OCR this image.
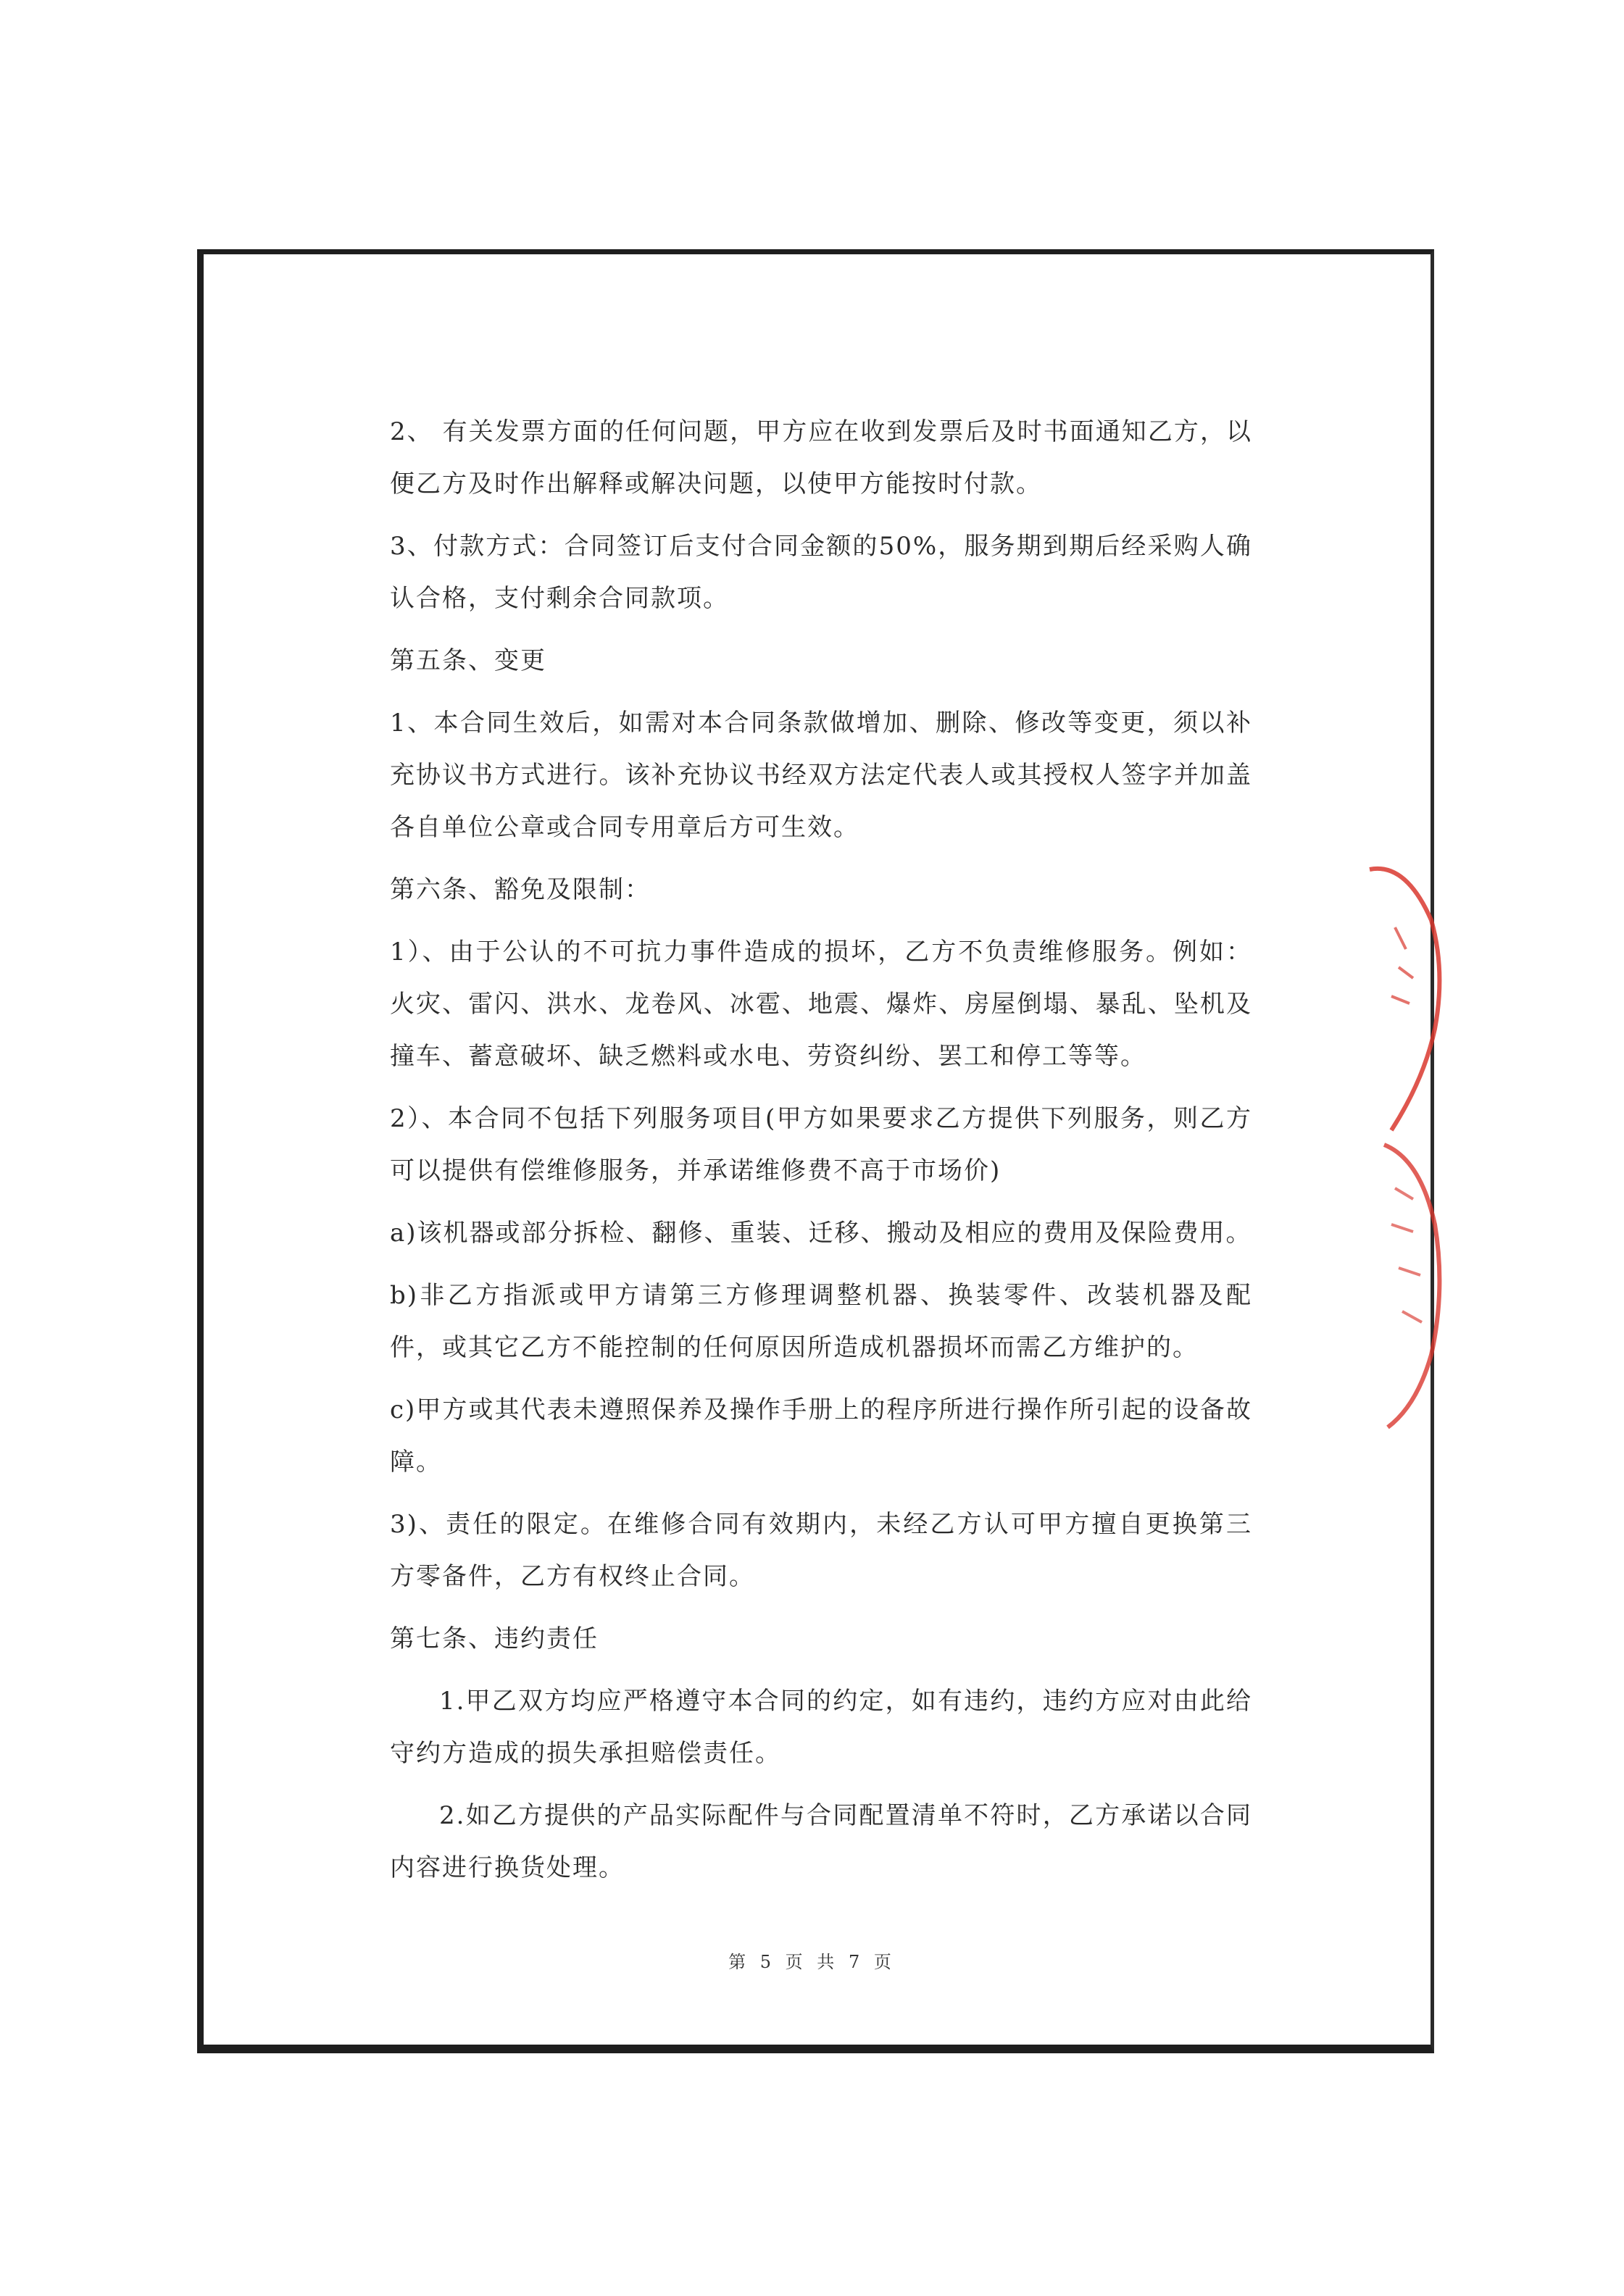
2、 有关发票方面的任何问题，甲方应在收到发票后及时书面通知乙方，以便乙方及时作出解释或解决问题，以使甲方能按时付款。

3、付款方式：合同签订后支付合同金额的50%，服务期到期后经采购人确认合格，支付剩余合同款项。

第五条、变更

1、本合同生效后，如需对本合同条款做增加、删除、修改等变更，须以补充协议书方式进行。该补充协议书经双方法定代表人或其授权人签字并加盖各自单位公章或合同专用章后方可生效。

第六条、豁免及限制：

1）、由于公认的不可抗力事件造成的损坏，乙方不负责维修服务。例如：火灾、雷闪、洪水、龙卷风、冰雹、地震、爆炸、房屋倒塌、暴乱、坠机及撞车、蓄意破坏、缺乏燃料或水电、劳资纠纷、罢工和停工等等。

2）、本合同不包括下列服务项目(甲方如果要求乙方提供下列服务，则乙方可以提供有偿维修服务，并承诺维修费不高于市场价)

a)该机器或部分拆检、翻修、重装、迁移、搬动及相应的费用及保险费用。

b)非乙方指派或甲方请第三方修理调整机器、换装零件、改装机器及配件，或其它乙方不能控制的任何原因所造成机器损坏而需乙方维护的。

c)甲方或其代表未遵照保养及操作手册上的程序所进行操作所引起的设备故障。

3)、责任的限定。在维修合同有效期内，未经乙方认可甲方擅自更换第三方零备件，乙方有权终止合同。

第七条、违约责任

1.甲乙双方均应严格遵守本合同的约定，如有违约，违约方应对由此给守约方造成的损失承担赔偿责任。

2.如乙方提供的产品实际配件与合同配置清单不符时，乙方承诺以合同内容进行换货处理。

第 5 页 共 7 页
